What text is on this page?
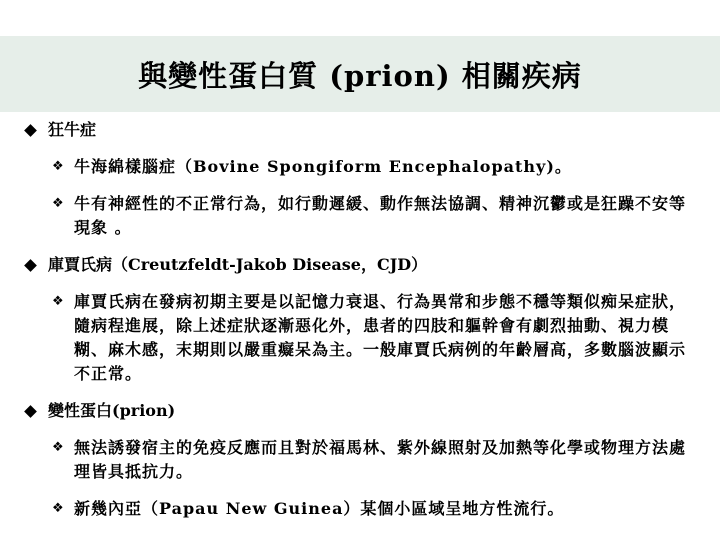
與變性蛋白質 (prion) 相關疾病
狂牛症
❖ 牛海綿樣腦症（Bovine Spongiform Encephalopathy)。
❖ 牛有神經性的不正常行為，如行動遲緩、動作無法協調、精神沉鬱或是狂躁不安等現象 。
庫賈氏病（Creutzfeldt-Jakob Disease，CJD）
❖ 庫賈氏病在發病初期主要是以記憶力衰退、行為異常和步態不穩等類似痴呆症狀，隨病程進展，除上述症狀逐漸惡化外，患者的四肢和軀幹會有劇烈抽動、視力模糊、麻木感，末期則以嚴重癡呆為主。一般庫賈氏病例的年齡層高，多數腦波顯示不正常。
變性蛋白(prion)
❖ 無法誘發宿主的免疫反應而且對於福馬林、紫外線照射及加熱等化學或物理方法處理皆具抵抗力。
❖ 新幾內亞（Papau New Guinea）某個小區域呈地方性流行。
